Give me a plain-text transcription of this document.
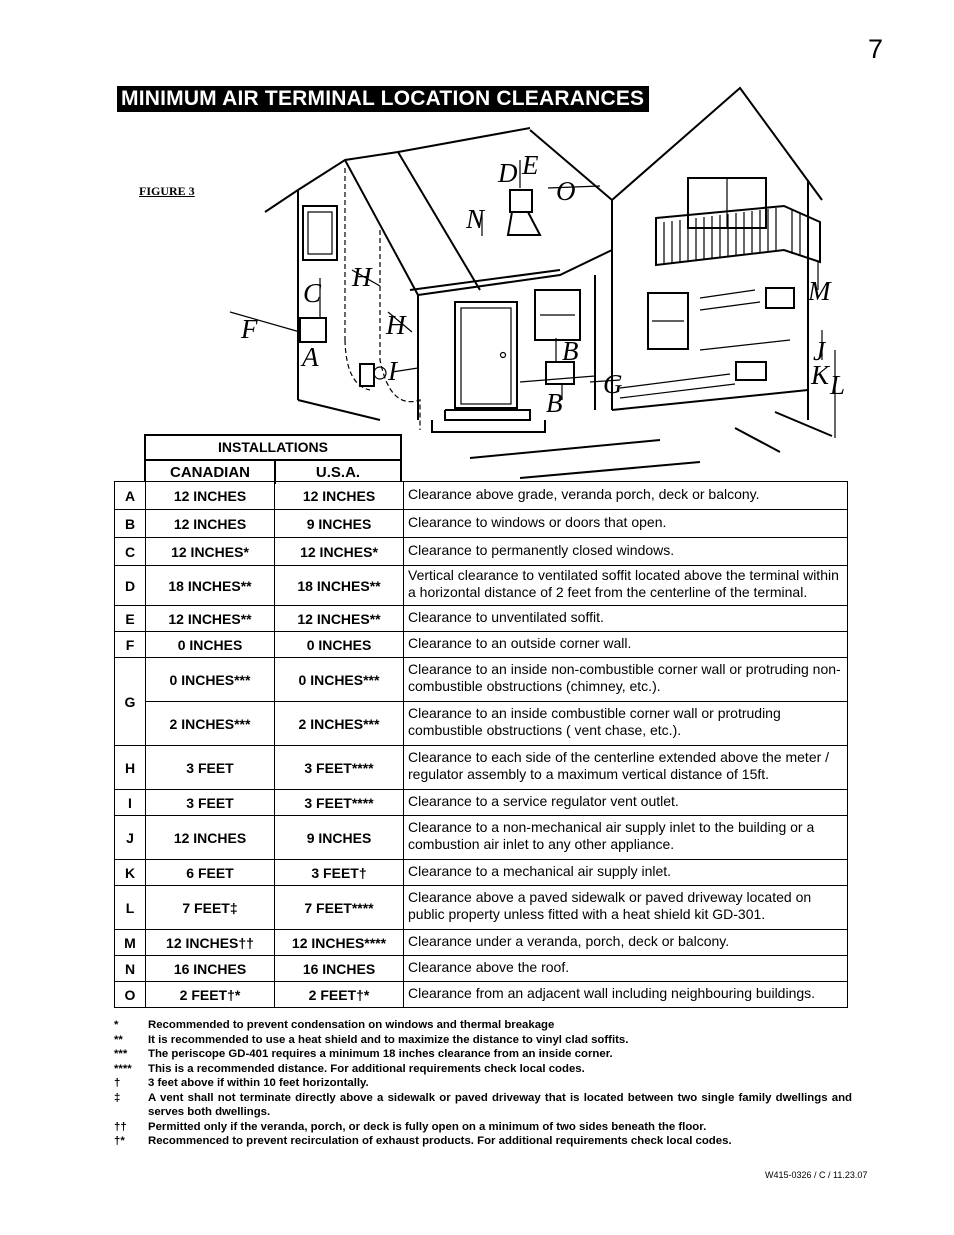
7
MINIMUM AIR TERMINAL LOCATION CLEARANCES
FIGURE 3
D E
O
N
C
H
F	H
A	I
B
B
G
M
J
K L
INSTALLATIONS
CANADIAN	U.S.A.
A	12 INCHES	12 INCHES	Clearance above grade, veranda porch, deck or balcony.
B	12 INCHES	9 INCHES	Clearance to windows or doors that open.
C	12 INCHES*	12 INCHES*	Clearance to permanently closed windows.
D	18 INCHES**	18 INCHES**	Vertical clearance to ventilated soffit located above the terminal within a horizontal distance of 2 feet from the centerline of the terminal.
E	12 INCHES**	12 INCHES**	Clearance to unventilated soffit.
F	0 INCHES	0 INCHES	Clearance to an outside corner wall.
G	0 INCHES***	0 INCHES***	Clearance to an inside non-combustible corner wall or protruding non-combustible obstructions (chimney, etc.).
	2 INCHES***	2 INCHES***	Clearance to an inside combustible corner wall or protruding combustible obstructions ( vent chase, etc.).
H	3 FEET	3 FEET****	Clearance to each side of the centerline extended above the meter / regulator assembly to a maximum vertical distance of 15ft.
I	3 FEET	3 FEET****	Clearance to a service regulator vent outlet.
J	12 INCHES	9 INCHES	Clearance to a non-mechanical air supply inlet to the building or a combustion air inlet to any other appliance.
K	6 FEET	3 FEET†	Clearance to a mechanical air supply inlet.
L	7 FEET‡	7 FEET****	Clearance above a paved sidewalk or paved driveway located on public property unless fitted with a heat shield kit GD-301.
M	12 INCHES††	12 INCHES****	Clearance under a veranda, porch, deck or balcony.
N	16 INCHES	16 INCHES	Clearance above the roof.
O	2 FEET†*	2 FEET†*	Clearance from an adjacent wall including neighbouring buildings.
*	Recommended to prevent condensation on windows and thermal breakage
**	It is recommended to use a heat shield and to maximize the distance to vinyl clad soffits.
***	The periscope GD-401 requires a minimum 18 inches clearance from an inside corner.
****	This is a recommended distance. For additional requirements check local codes.
†	3 feet above if within 10 feet horizontally.
‡	A vent shall not terminate directly above a sidewalk or paved driveway that is located between two single family dwellings and serves both dwellings.
††	Permitted only if the veranda, porch, or deck is fully open on a minimum of two sides beneath the floor.
†*	Recommenced to prevent recirculation of exhaust products. For additional requirements check local codes.
W415-0326 / C / 11.23.07
